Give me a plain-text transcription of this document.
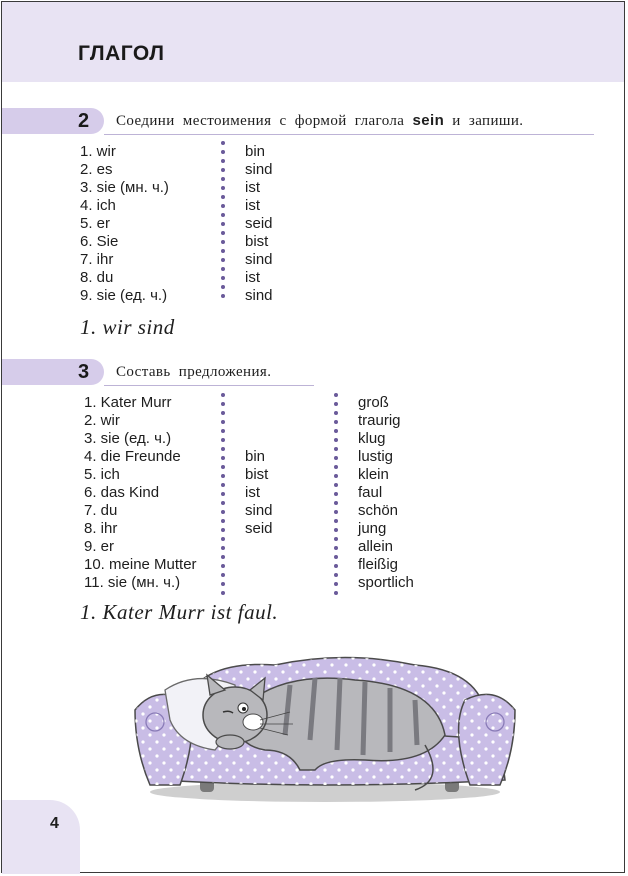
ГЛАГОЛ
2 Соедини местоимения с формой глагола sein и запиши.
1. wir
2. es
3. sie (мн. ч.)
4. ich
5. er
6. Sie
7. ihr
8. du
9. sie (ед. ч.)
bin
sind
ist
ist
seid
bist
sind
ist
sind
1. wir sind
3 Составь предложения.
1. Kater Murr
2. wir
3. sie (ед. ч.)
4. die Freunde
5. ich
6. das Kind
7. du
8. ihr
9. er
10. meine Mutter
11. sie (мн. ч.)
bin
bist
ist
sind
seid
groß
traurig
klug
lustig
klein
faul
schön
jung
allein
fleißig
sportlich
1. Kater Murr ist faul.
4
